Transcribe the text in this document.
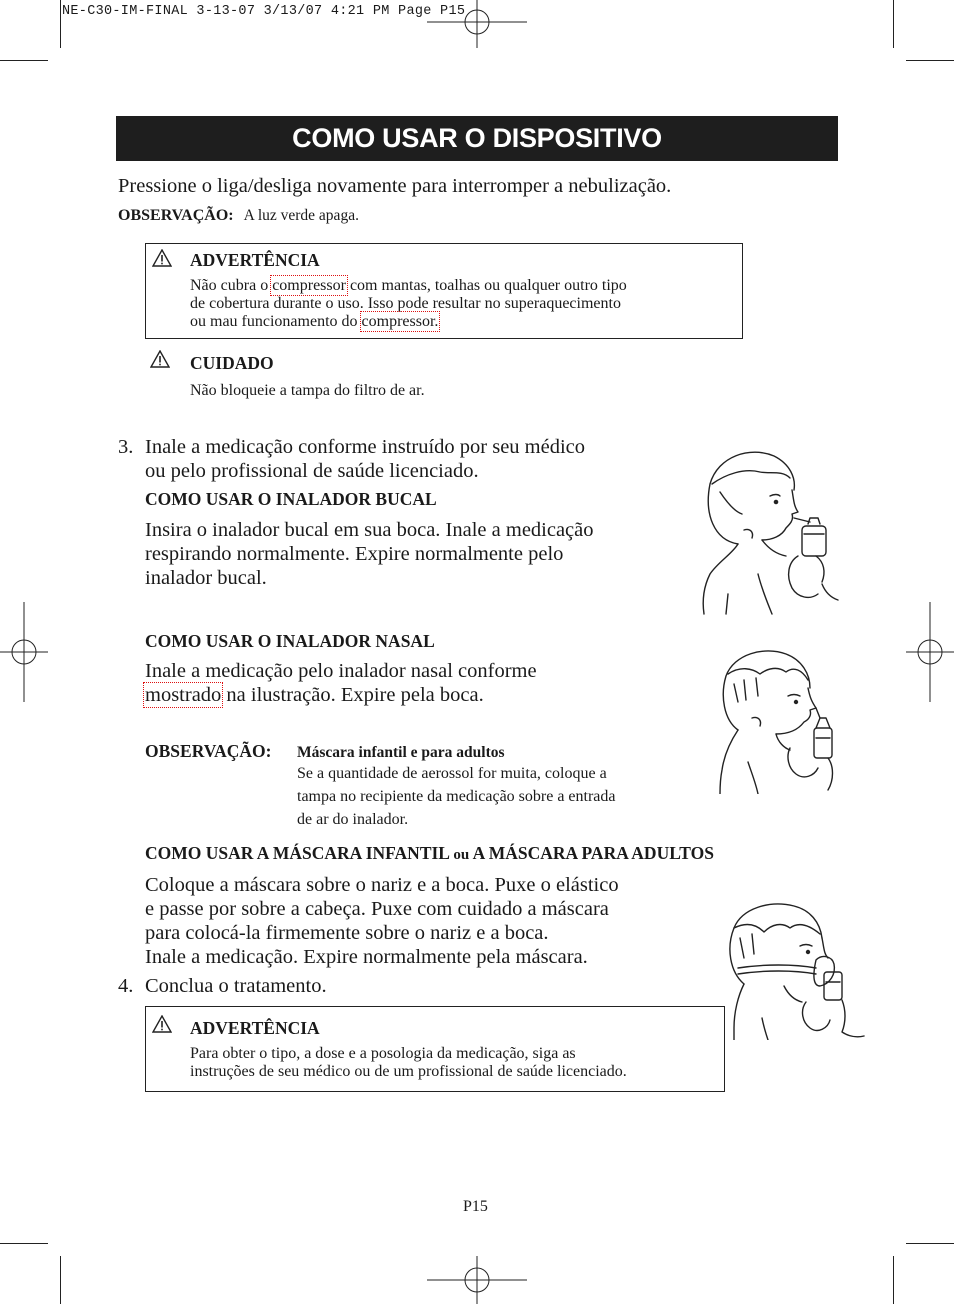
NE-C30-IM-FINAL 3-13-07 3/13/07 4:21 PM Page P15
COMO USAR O DISPOSITIVO
Pressione o liga/desliga novamente para interromper a nebulização.
OBSERVAÇÃO: A luz verde apaga.
ADVERTÊNCIA
Não cubra o compressor com mantas, toalhas ou qualquer outro tipo
de cobertura durante o uso. Isso pode resultar no superaquecimento
ou mau funcionamento do compressor.
CUIDADO
Não bloqueie a tampa do filtro de ar.
3. Inale a medicação conforme instruído por seu médico
ou pelo profissional de saúde licenciado.
COMO USAR O INALADOR BUCAL
Insira o inalador bucal em sua boca. Inale a medicação
respirando normalmente. Expire normalmente pelo
inalador bucal.
COMO USAR O INALADOR NASAL
Inale a medicação pelo inalador nasal conforme
mostrado na ilustração. Expire pela boca.
OBSERVAÇÃO: Máscara infantil e para adultos
Se a quantidade de aerossol for muita, coloque a
tampa no recipiente da medicação sobre a entrada
de ar do inalador.
COMO USAR A MÁSCARA INFANTIL ou A MÁSCARA PARA ADULTOS
Coloque a máscara sobre o nariz e a boca. Puxe o elástico
e passe por sobre a cabeça. Puxe com cuidado a máscara
para colocá-la firmemente sobre o nariz e a boca.
Inale a medicação. Expire normalmente pela máscara.
4. Conclua o tratamento.
ADVERTÊNCIA
Para obter o tipo, a dose e a posologia da medicação, siga as
instruções de seu médico ou de um profissional de saúde licenciado.
P15
